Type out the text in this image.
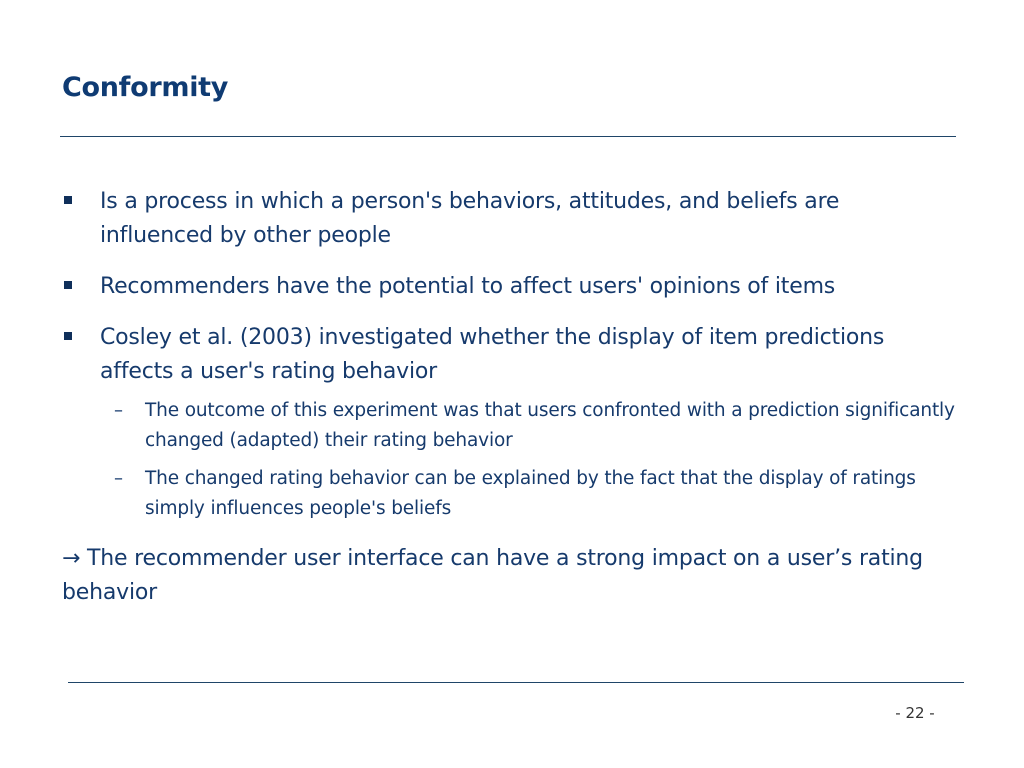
Conformity
Is a process in which a person's behaviors, attitudes, and beliefs are influenced by other people
Recommenders have the potential to affect users' opinions of items
Cosley et al. (2003) investigated whether the display of item predictions affects a user's rating behavior
– The outcome of this experiment was that users confronted with a prediction significantly changed (adapted) their rating behavior
– The changed rating behavior can be explained by the fact that the display of ratings simply influences people's beliefs
→ The recommender user interface can have a strong impact on a user’s rating behavior
- 22 -
